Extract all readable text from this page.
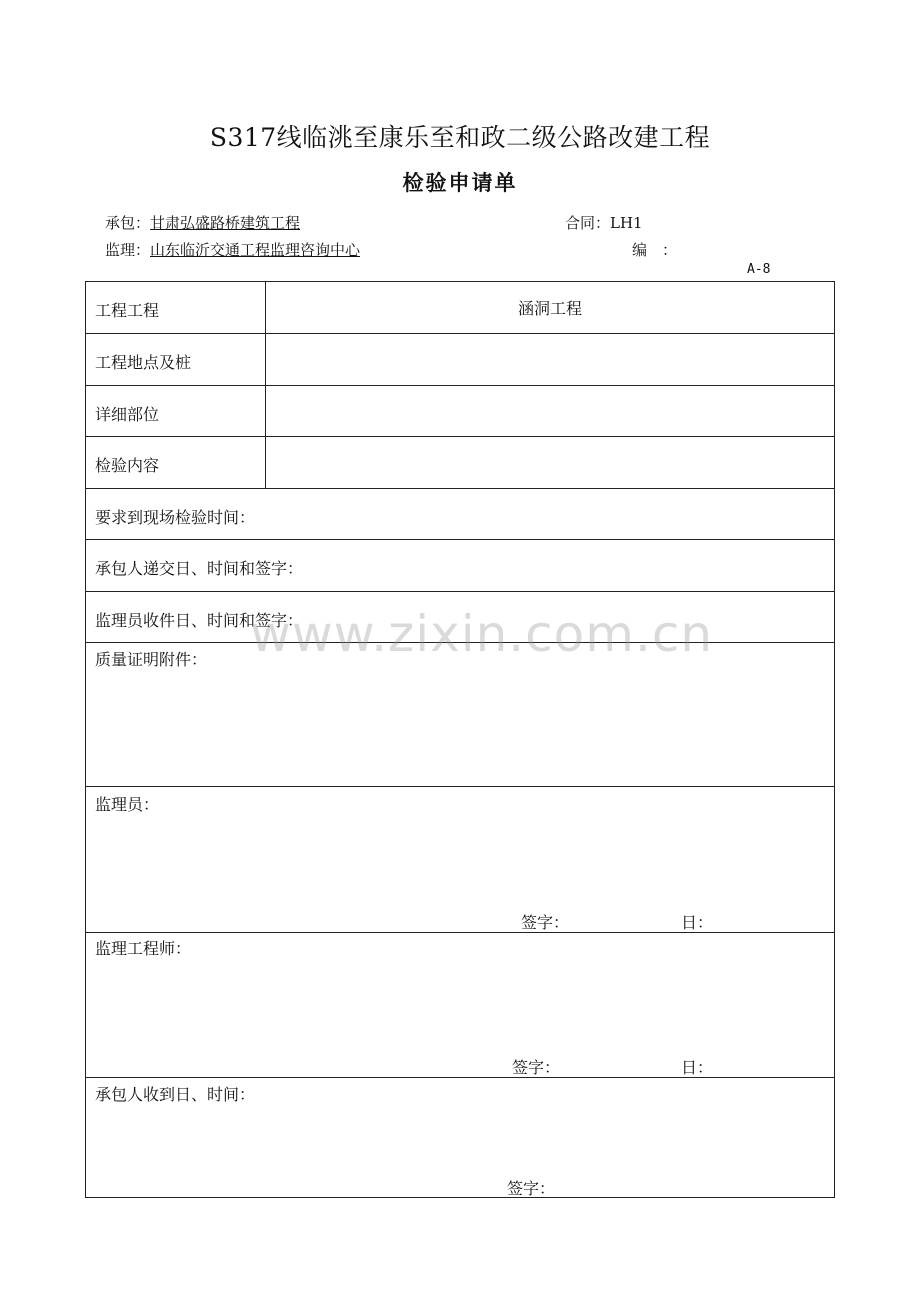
S317线临洮至康乐至和政二级公路改建工程
检验申请单
承包：甘肃弘盛路桥建筑工程	合同：LH1
监理：山东临沂交通工程监理咨询中心	编　：
A-8
工程工程	涵洞工程
工程地点及桩
详细部位
检验内容
要求到现场检验时间：
承包人递交日、时间和签字：
监理员收件日、时间和签字：
质量证明附件：
监理员：
签字：	日：
监理工程师：
签字：	日：
承包人收到日、时间：
签字：
www.zixin.com.cn
